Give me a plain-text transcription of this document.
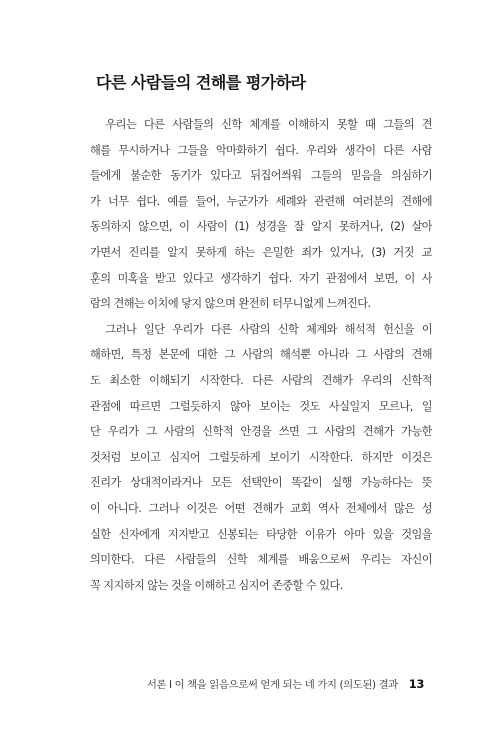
다른 사람들의 견해를 평가하라
　우리는 다른 사람들의 신학 체계를 이해하지 못할 때 그들의 견
해를 무시하거나 그들을 악마화하기 쉽다. 우리와 생각이 다른 사람
들에게 불순한 동기가 있다고 뒤집어씌워 그들의 믿음을 의심하기
가 너무 쉽다. 예를 들어, 누군가가 세례와 관련해 여러분의 견해에
동의하지 않으면, 이 사람이 (1) 성경을 잘 알지 못하거나, (2) 살아
가면서 진리를 알지 못하게 하는 은밀한 죄가 있거나, (3) 거짓 교
훈의 미혹을 받고 있다고 생각하기 쉽다. 자기 관점에서 보면, 이 사
람의 견해는 이치에 닿지 않으며 완전히 터무니없게 느껴진다.
　그러나 일단 우리가 다른 사람의 신학 체계와 해석적 헌신을 이
해하면, 특정 본문에 대한 그 사람의 해석뿐 아니라 그 사람의 견해
도 최소한 이해되기 시작한다. 다른 사람의 견해가 우리의 신학적
관점에 따르면 그럴듯하지 않아 보이는 것도 사실일지 모르나, 일
단 우리가 그 사람의 신학적 안경을 쓰면 그 사람의 견해가 가능한
것처럼 보이고 심지어 그럴듯하게 보이기 시작한다. 하지만 이것은
진리가 상대적이라거나 모든 선택안이 똑같이 실행 가능하다는 뜻
이 아니다. 그러나 이것은 어떤 견해가 교회 역사 전체에서 많은 성
실한 신자에게 지지받고 신봉되는 타당한 이유가 아마 있을 것임을
의미한다. 다른 사람들의 신학 체계를 배움으로써 우리는 자신이
꼭 지지하지 않는 것을 이해하고 심지어 존중할 수 있다.
서론 I 이 책을 읽음으로써 얻게 되는 네 가지 (의도된) 결과 13
